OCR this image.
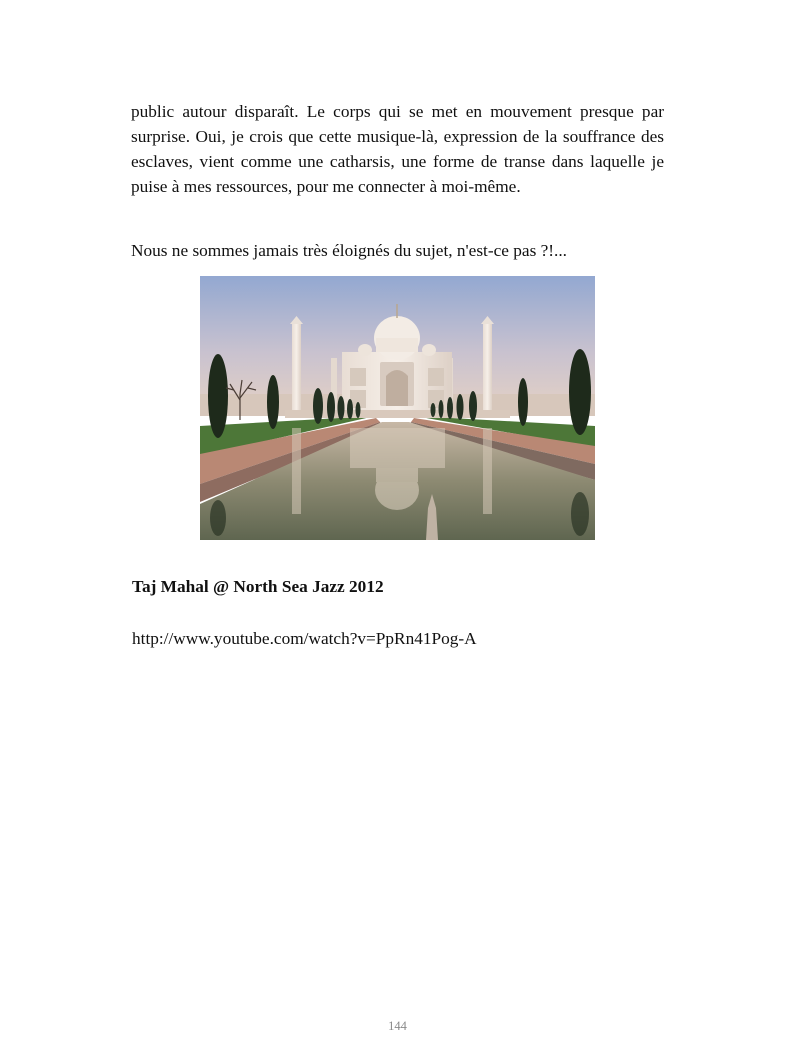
public autour disparaît. Le corps qui se met en mouvement presque par surprise. Oui, je crois que cette musique-là, expression de la souffrance des esclaves, vient comme une catharsis, une forme de transe dans laquelle je puise à mes ressources, pour me connecter à moi-même.

Nous ne sommes jamais très éloignés du sujet, n'est-ce pas ?!...

Taj Mahal @ North Sea Jazz 2012

http://www.youtube.com/watch?v=PpRn41Pog-A

144
